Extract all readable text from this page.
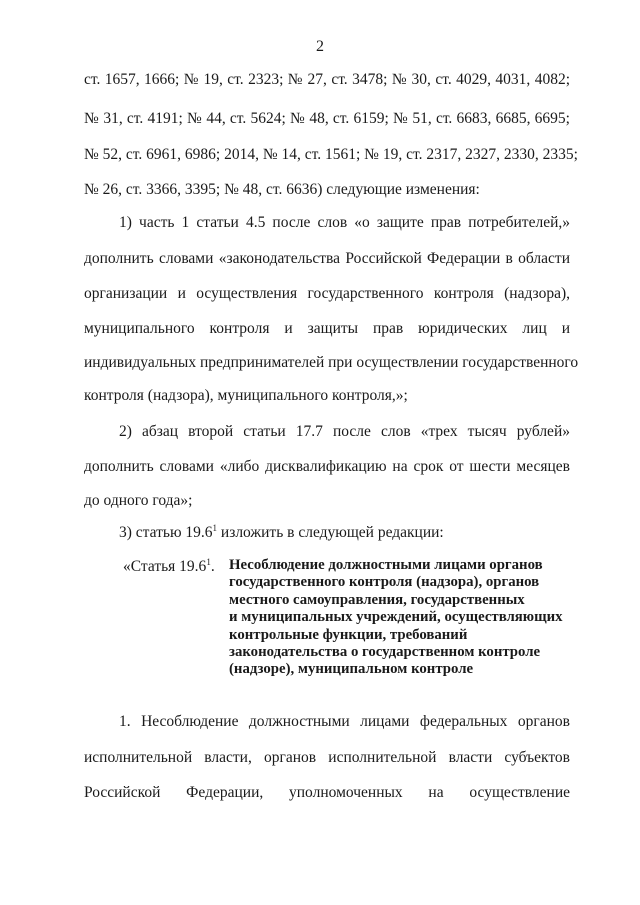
2
ст. 1657, 1666; № 19, ст. 2323; № 27, ст. 3478; № 30, ст. 4029, 4031, 4082;
№ 31, ст. 4191; № 44, ст. 5624; № 48, ст. 6159; № 51, ст. 6683, 6685, 6695;
№ 52, ст. 6961, 6986; 2014, № 14, ст. 1561; № 19, ст. 2317, 2327, 2330, 2335;
№ 26, ст. 3366, 3395; № 48, ст. 6636) следующие изменения:
1) часть 1 статьи 4.5 после слов «о защите прав потребителей,»
дополнить словами «законодательства Российской Федерации в области
организации и осуществления государственного контроля (надзора),
муниципального контроля и защиты прав юридических лиц и
индивидуальных предпринимателей при осуществлении государственного
контроля (надзора), муниципального контроля,»;
2) абзац второй статьи 17.7 после слов «трех тысяч рублей»
дополнить словами «либо дисквалификацию на срок от шести месяцев
до одного года»;
3) статью 19.6$^1$ изложить в следующей редакции:
«Статья 19.6$^1$. Несоблюдение должностными лицами органов
государственного контроля (надзора), органов
местного самоуправления, государственных
и муниципальных учреждений, осуществляющих
контрольные функции, требований
законодательства о государственном контроле
(надзоре), муниципальном контроле
1. Несоблюдение должностными лицами федеральных органов
исполнительной власти, органов исполнительной власти субъектов
Российской Федерации, уполномоченных на осуществление
